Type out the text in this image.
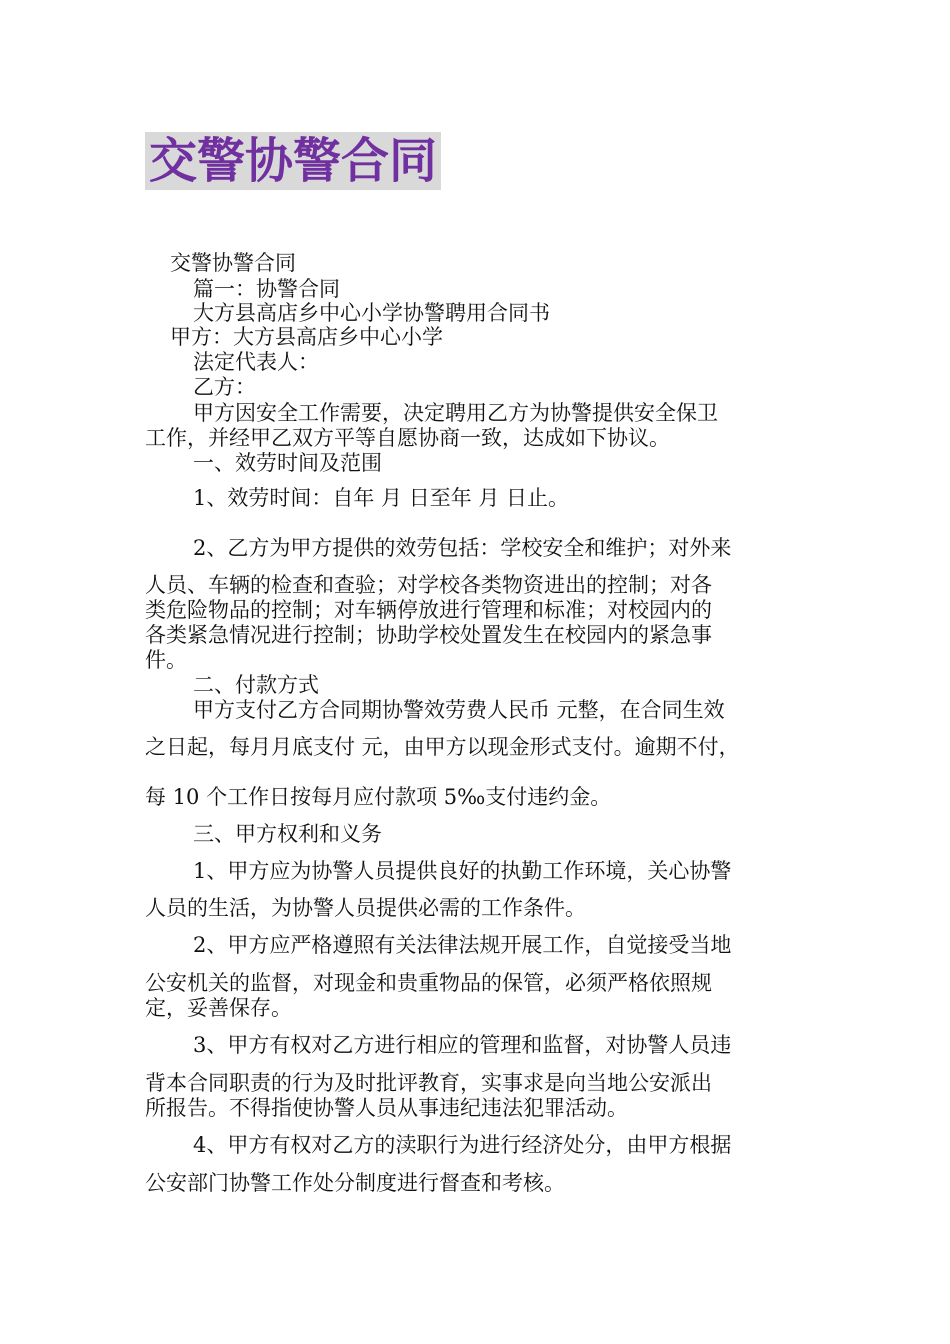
交警协警合同
交警协警合同
篇一：协警合同
大方县高店乡中心小学协警聘用合同书
甲方：大方县高店乡中心小学
法定代表人：
乙方：
甲方因安全工作需要，决定聘用乙方为协警提供安全保卫
工作，并经甲乙双方平等自愿协商一致，达成如下协议。
一、效劳时间及范围
1、效劳时间：自年 月 日至年 月 日止。
2、乙方为甲方提供的效劳包括：学校安全和维护；对外来
人员、车辆的检查和查验；对学校各类物资进出的控制；对各
类危险物品的控制；对车辆停放进行管理和标准；对校园内的
各类紧急情况进行控制；协助学校处置发生在校园内的紧急事
件。
二、付款方式
甲方支付乙方合同期协警效劳费人民币 元整，在合同生效
之日起，每月月底支付 元，由甲方以现金形式支付。逾期不付，
每 10 个工作日按每月应付款项 5‰支付违约金。
三、甲方权利和义务
1、甲方应为协警人员提供良好的执勤工作环境，关心协警
人员的生活，为协警人员提供必需的工作条件。
2、甲方应严格遵照有关法律法规开展工作，自觉接受当地
公安机关的监督，对现金和贵重物品的保管，必须严格依照规
定，妥善保存。
3、甲方有权对乙方进行相应的管理和监督，对协警人员违
背本合同职责的行为及时批评教育，实事求是向当地公安派出
所报告。不得指使协警人员从事违纪违法犯罪活动。
4、甲方有权对乙方的渎职行为进行经济处分，由甲方根据
公安部门协警工作处分制度进行督查和考核。
